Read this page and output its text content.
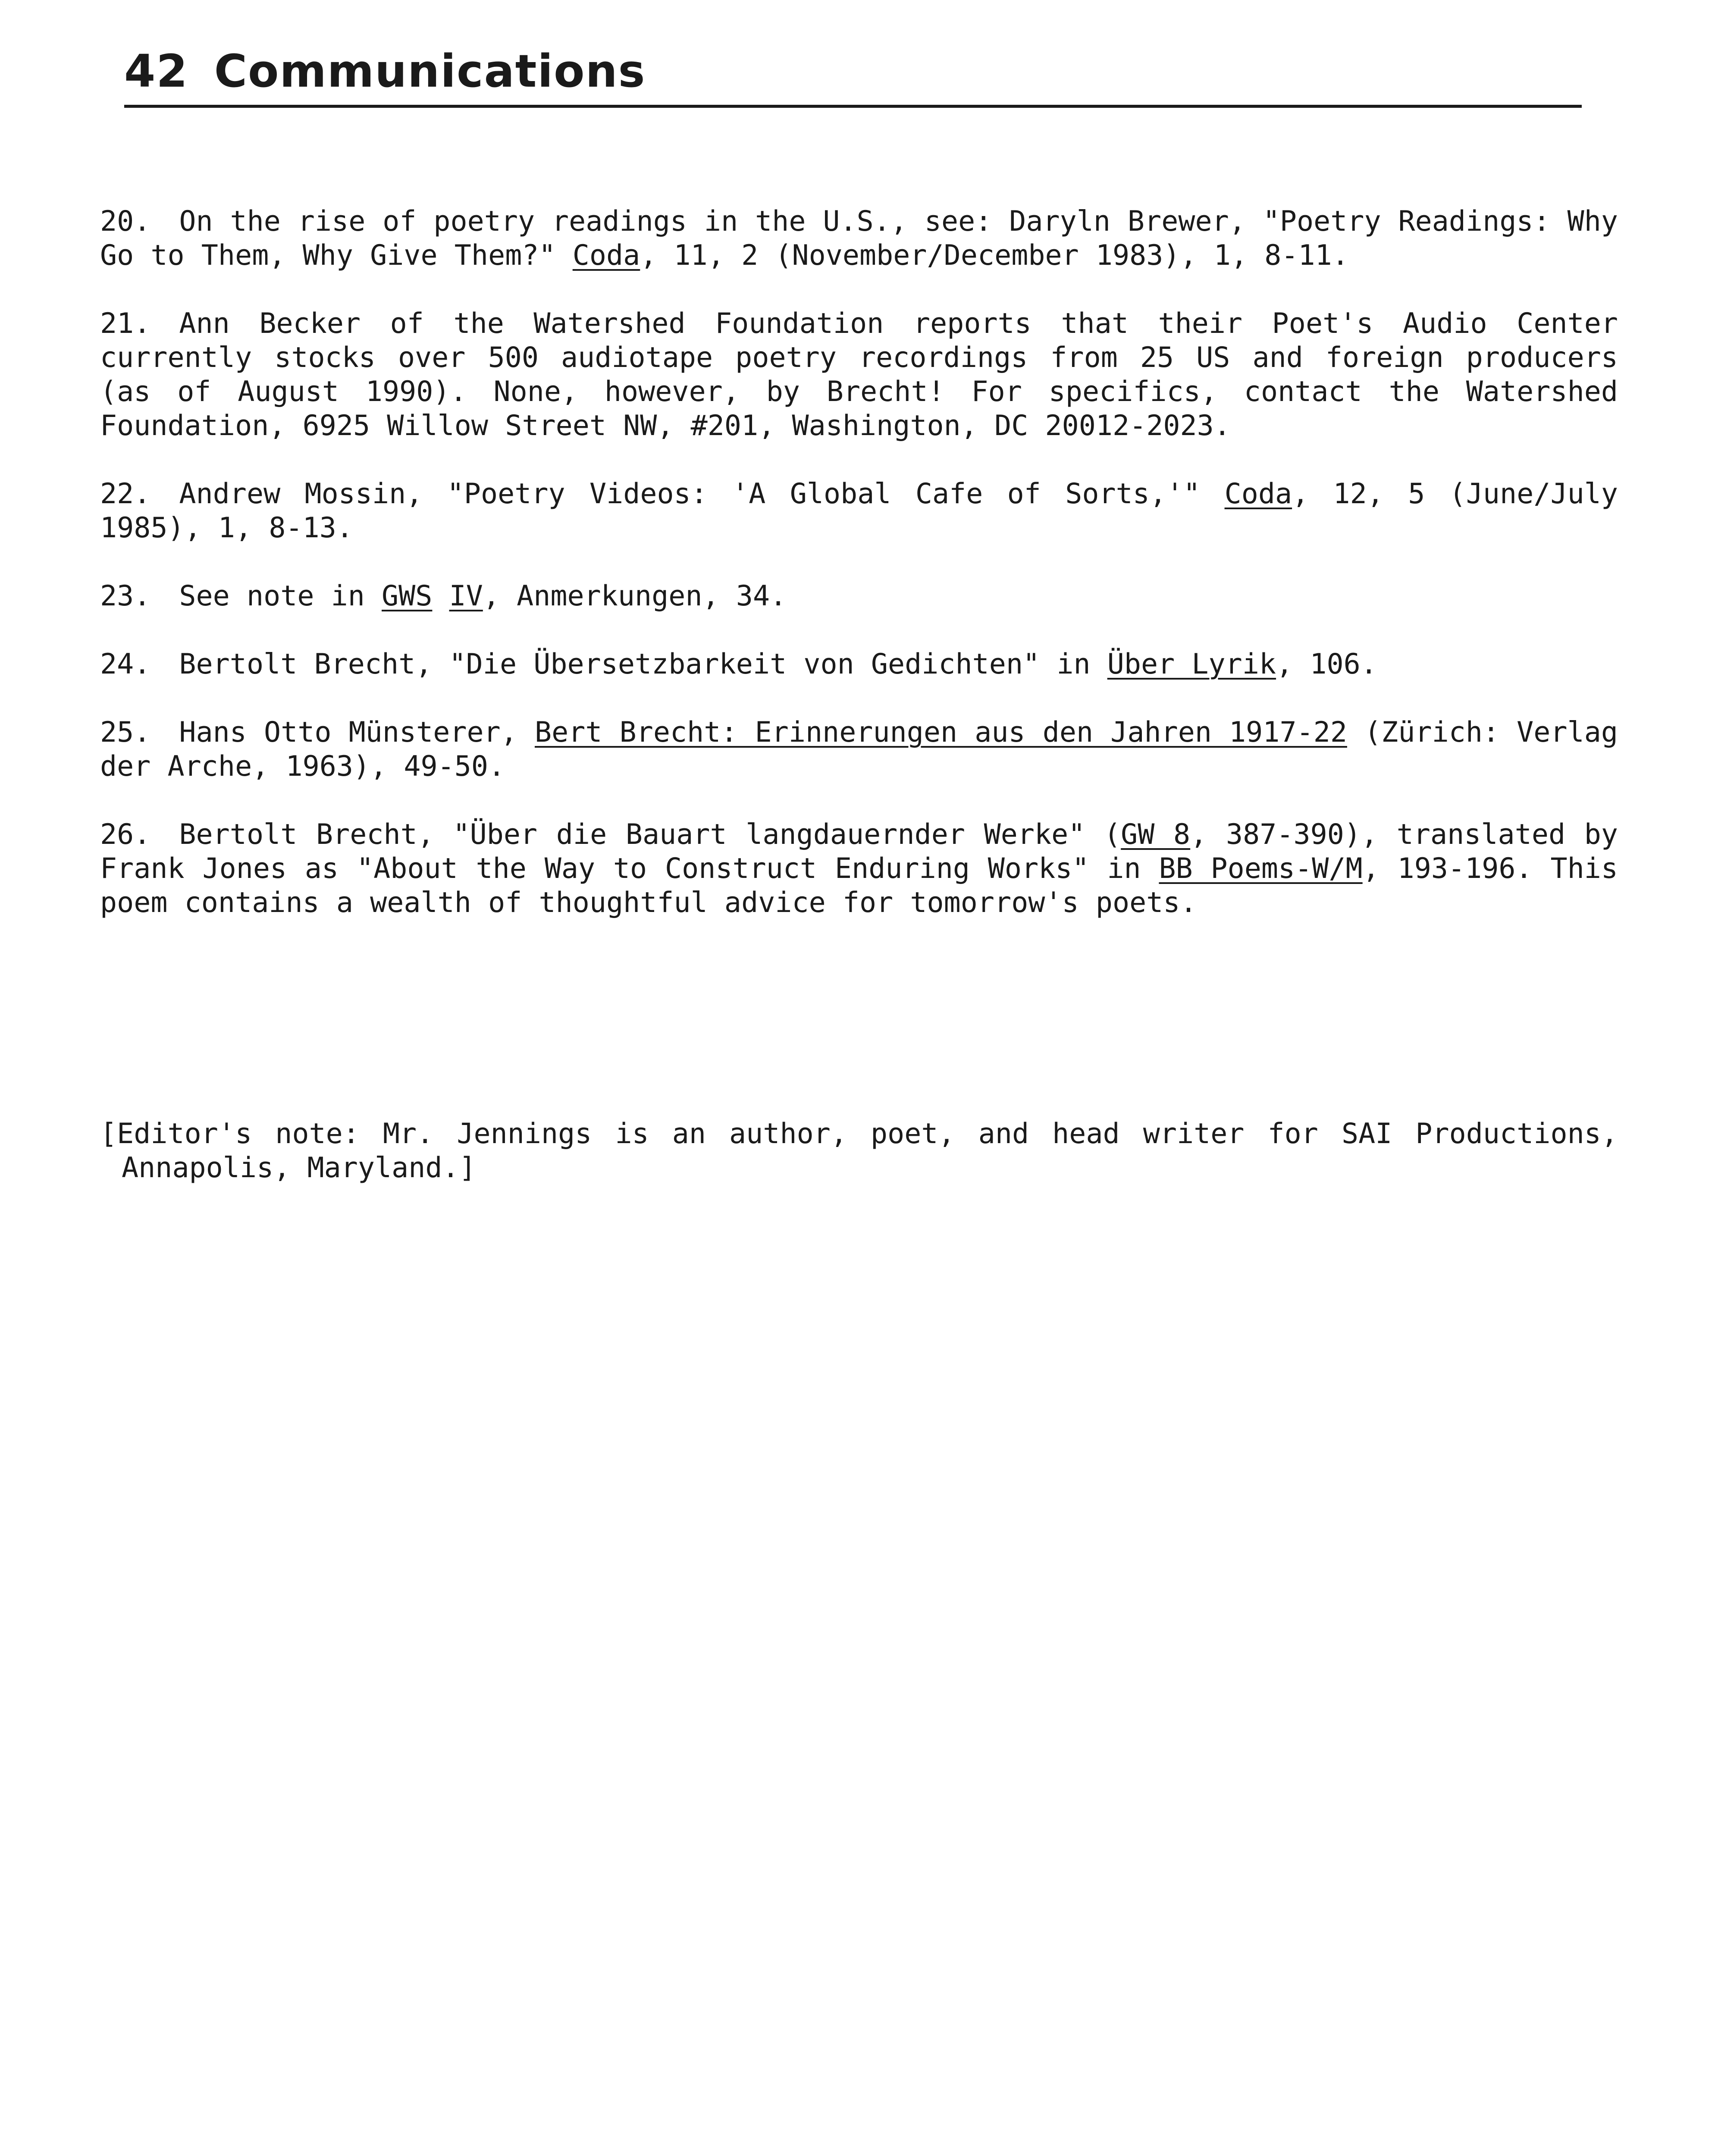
42 Communications

20. On the rise of poetry readings in the U.S., see: Daryln Brewer, "Poetry Readings: Why Go to Them, Why Give Them?" Coda, 11, 2 (November/December 1983), 1, 8-11.

21. Ann Becker of the Watershed Foundation reports that their Poet's Audio Center currently stocks over 500 audiotape poetry recordings from 25 US and foreign producers (as of August 1990). None, however, by Brecht! For specifics, contact the Watershed Foundation, 6925 Willow Street NW, #201, Washington, DC 20012-2023.

22. Andrew Mossin, "Poetry Videos: 'A Global Cafe of Sorts,'" Coda, 12, 5 (June/July 1985), 1, 8-13.

23. See note in GWS IV, Anmerkungen, 34.

24. Bertolt Brecht, "Die Übersetzbarkeit von Gedichten" in Über Lyrik, 106.

25. Hans Otto Münsterer, Bert Brecht: Erinnerungen aus den Jahren 1917-22 (Zürich: Verlag der Arche, 1963), 49-50.

26. Bertolt Brecht, "Über die Bauart langdauernder Werke" (GW 8, 387-390), translated by Frank Jones as "About the Way to Construct Enduring Works" in BB Poems-W/M, 193-196. This poem contains a wealth of thoughtful advice for tomorrow's poets.

[Editor's note: Mr. Jennings is an author, poet, and head writer for SAI Productions, Annapolis, Maryland.]
